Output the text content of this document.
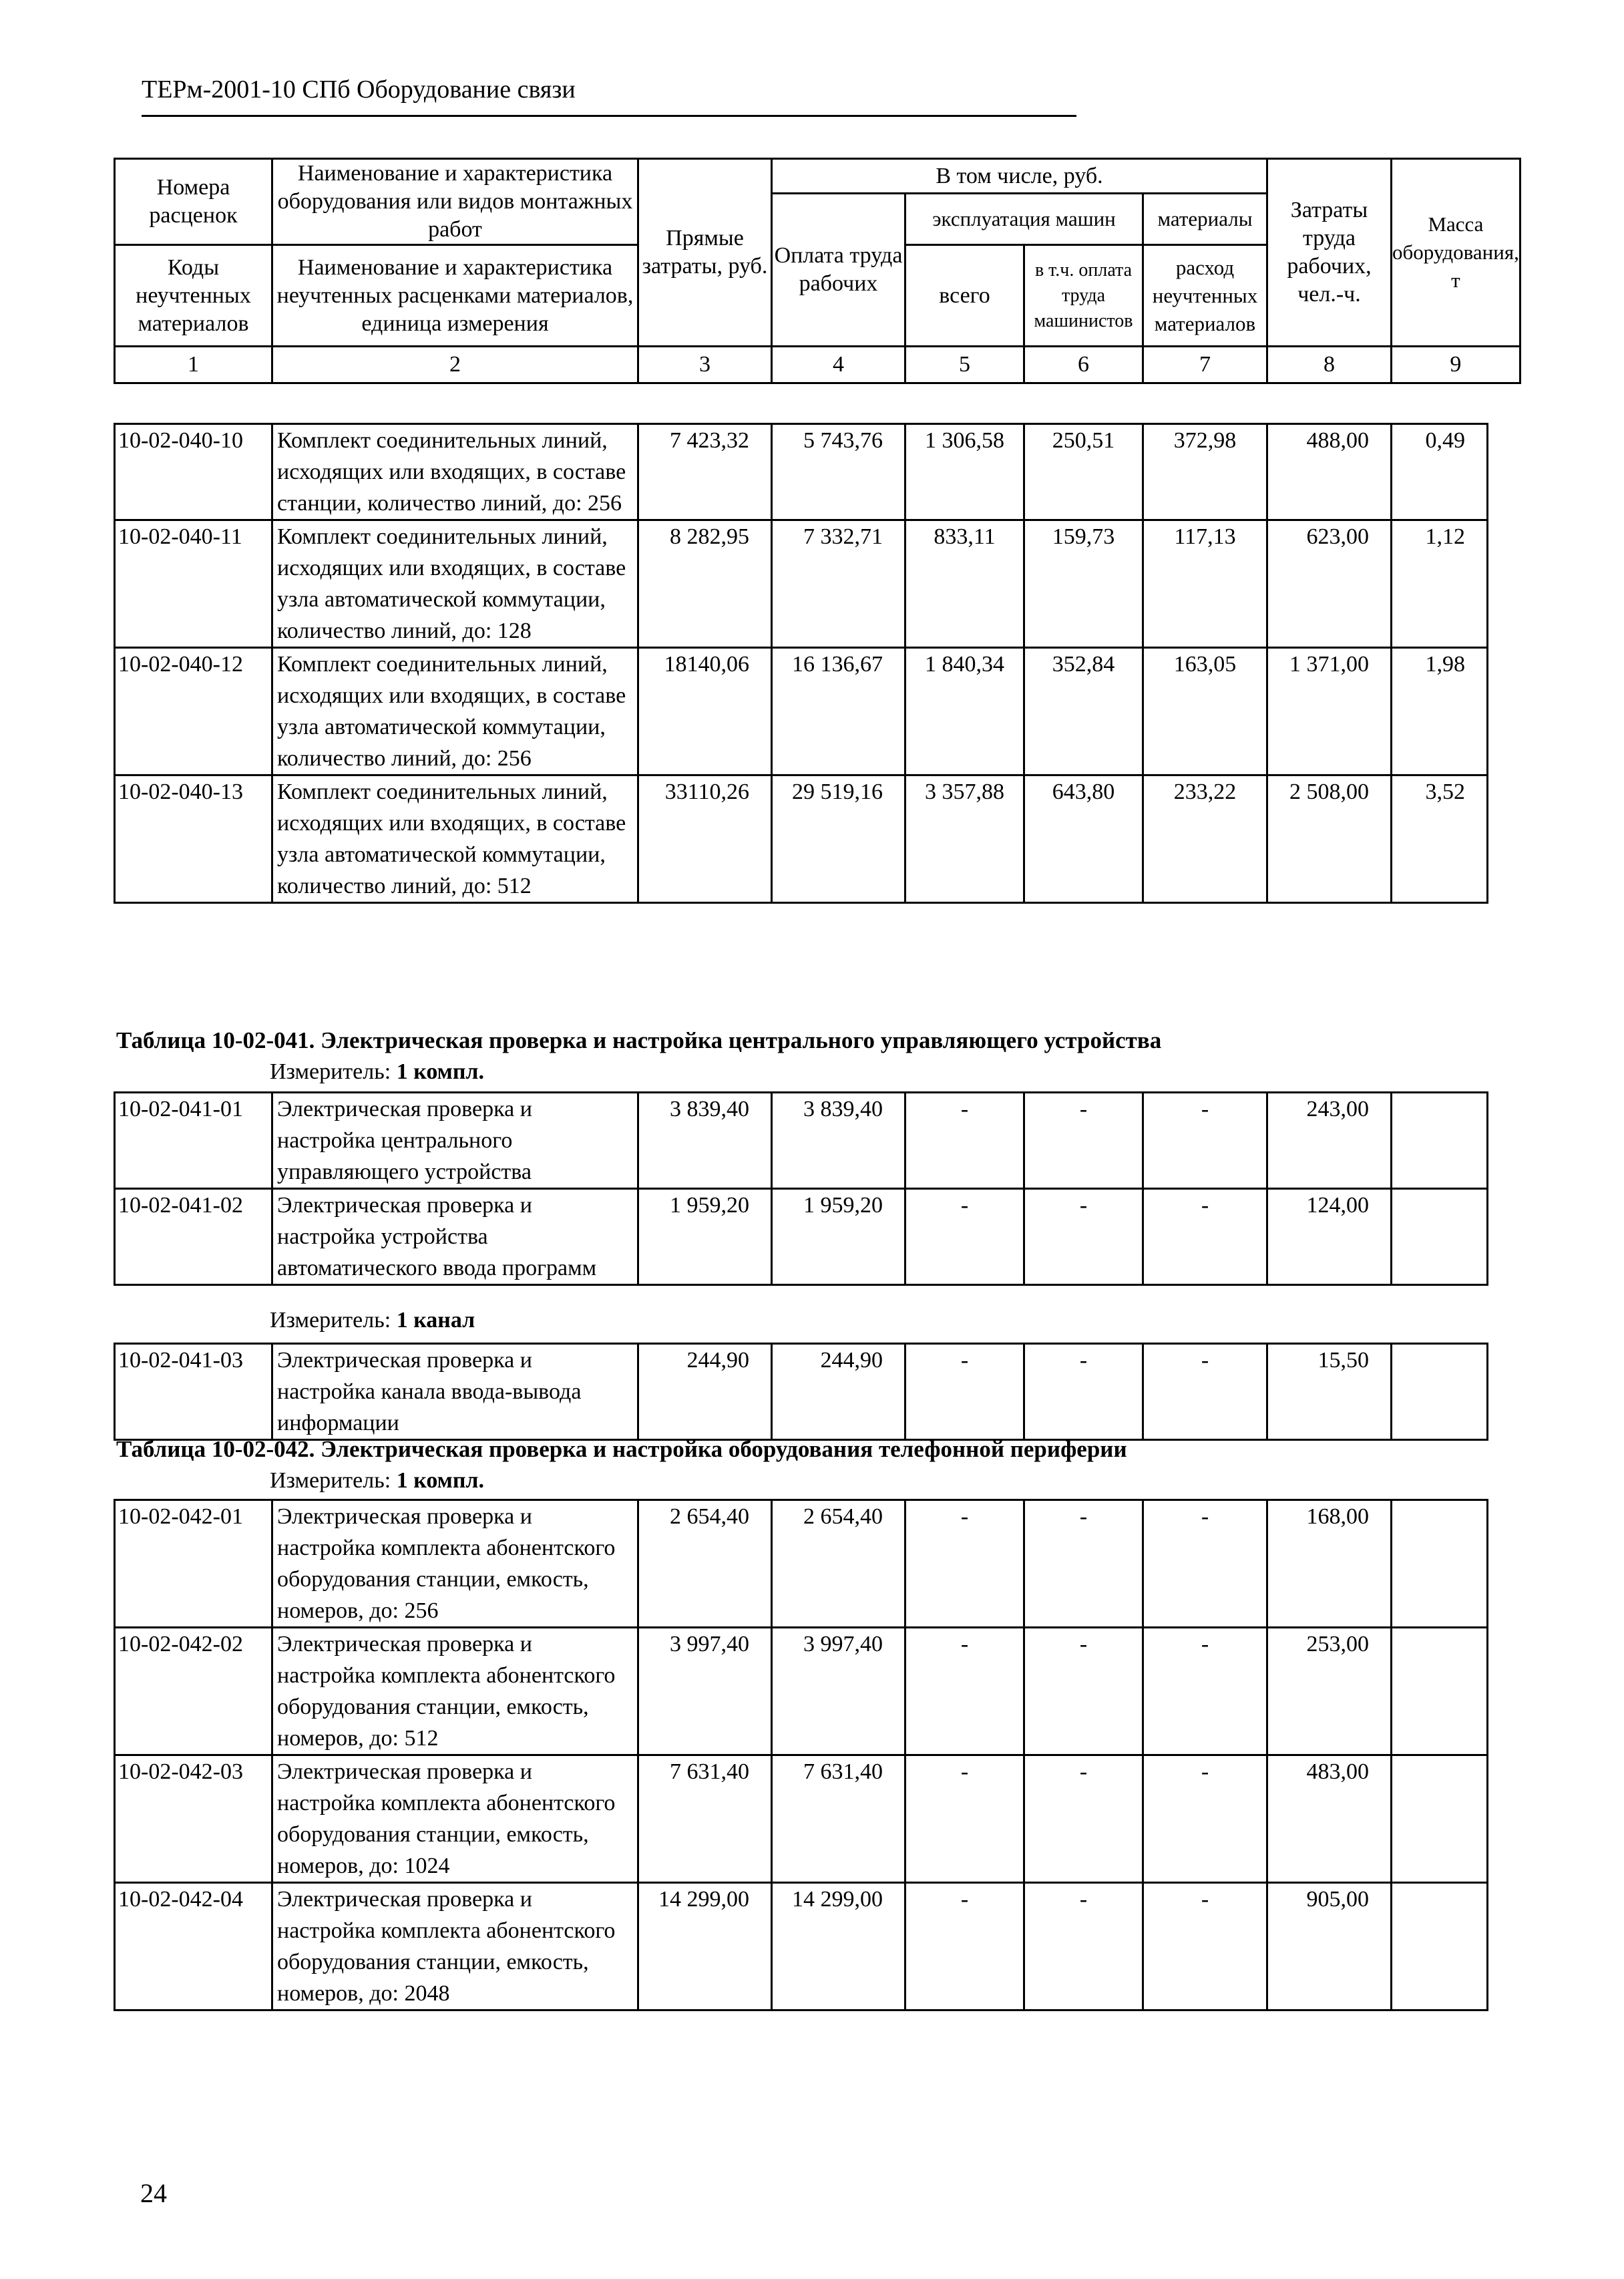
ТЕРм-2001-10 СПб Оборудование связи
Номера расценок	Наименование и характеристика оборудования или видов монтажных работ	Прямые затраты, руб.	В том числе, руб.				Затраты труда рабочих, чел.-ч.	Масса оборудования, т
			Оплата труда рабочих	эксплуатация машин		материалы		
Коды неучтенных материалов	Наименование и характеристика неучтенных расценками материалов, единица измерения			всего	в т.ч. оплата труда машинистов	расход неучтенных материалов		

1	2	3	4	5	6	7	8	9
10-02-040-10	Комплект соединительных линий, исходящих или входящих, в составе станции, количество линий, до: 256	7 423,32	5 743,76	1 306,58	250,51	372,98	488,00	0,49
10-02-040-11	Комплект соединительных линий, исходящих или входящих, в составе узла автоматической коммутации, количество линий, до: 128	8 282,95	7 332,71	833,11	159,73	117,13	623,00	1,12
10-02-040-12	Комплект соединительных линий, исходящих или входящих, в составе узла автоматической коммутации, количество линий, до: 256	18140,06	16 136,67	1 840,34	352,84	163,05	1 371,00	1,98
10-02-040-13	Комплект соединительных линий, исходящих или входящих, в составе узла автоматической коммутации, количество линий, до: 512	33110,26	29 519,16	3 357,88	643,80	233,22	2 508,00	3,52
Таблица 10-02-041. Электрическая проверка и настройка центрального управляющего устройства
Измеритель: 1 компл.
10-02-041-01	Электрическая проверка и настройка центрального управляющего устройства	3 839,40	3 839,40	-	-	-	243,00	
10-02-041-02	Электрическая проверка и настройка устройства автоматического ввода программ	1 959,20	1 959,20	-	-	-	124,00	
Измеритель: 1 канал
10-02-041-03	Электрическая проверка и настройка канала ввода-вывода информации	244,90	244,90	-	-	-	15,50	
Таблица 10-02-042. Электрическая проверка и настройка оборудования телефонной периферии
Измеритель: 1 компл.
10-02-042-01	Электрическая проверка и настройка комплекта абонентского оборудования станции, емкость, номеров, до: 256	2 654,40	2 654,40	-	-	-	168,00	
10-02-042-02	Электрическая проверка и настройка комплекта абонентского оборудования станции, емкость, номеров, до: 512	3 997,40	3 997,40	-	-	-	253,00	
10-02-042-03	Электрическая проверка и настройка комплекта абонентского оборудования станции, емкость, номеров, до: 1024	7 631,40	7 631,40	-	-	-	483,00	
10-02-042-04	Электрическая проверка и настройка комплекта абонентского оборудования станции, емкость, номеров, до: 2048	14 299,00	14 299,00	-	-	-	905,00	
24
